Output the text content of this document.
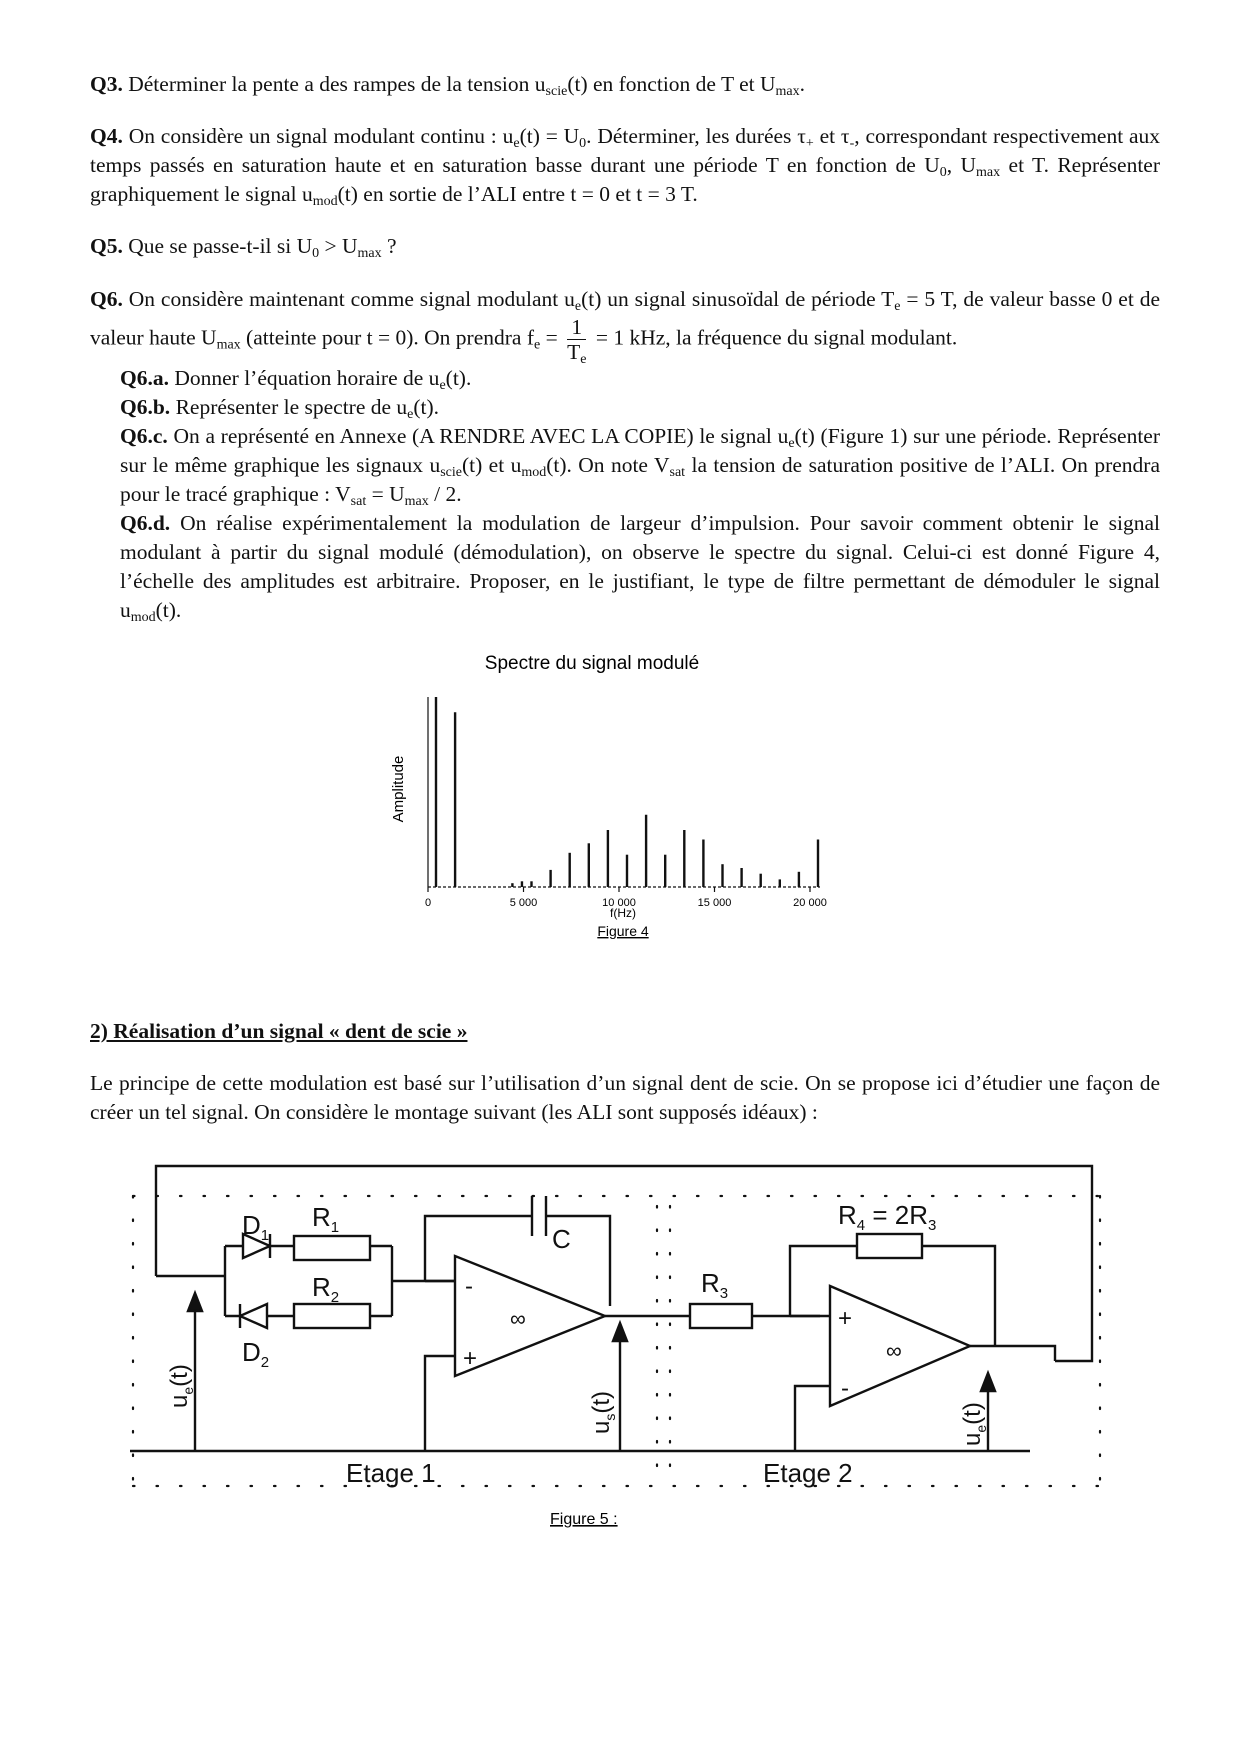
Q3. Déterminer la pente a des rampes de la tension $u_{scie}(t)$ en fonction de T et $U_{max}$.

Q4. On considère un signal modulant continu : $u_e(t) = U_0$. Déterminer, les durées $\tau_+$ et $\tau_-$, correspondant respectivement aux temps passés en saturation haute et en saturation basse durant une période T en fonction de $U_0$, $U_{max}$ et T. Représenter graphiquement le signal $u_{mod}(t)$ en sortie de l’ALI entre t = 0 et t = 3 T.

Q5. Que se passe-t-il si $U_0 > U_{max}$ ?

Q6. On considère maintenant comme signal modulant $u_e(t)$ un signal sinusoïdal de période $T_e = 5$ T, de valeur basse 0 et de valeur haute $U_{max}$ (atteinte pour t = 0). On prendra $f_e = \frac{1}{T_e} = 1$ kHz, la fréquence du signal modulant.

Q6.a. Donner l’équation horaire de $u_e(t)$.

Q6.b. Représenter le spectre de $u_e(t)$.

Q6.c. On a représenté en Annexe (A RENDRE AVEC LA COPIE) le signal $u_e(t)$ (Figure 1) sur une période. Représenter sur le même graphique les signaux $u_{scie}(t)$ et $u_{mod}(t)$. On note $V_{sat}$ la tension de saturation positive de l’ALI. On prendra pour le tracé graphique : $V_{sat} = U_{max} / 2$.

Q6.d. On réalise expérimentalement la modulation de largeur d’impulsion. Pour savoir comment obtenir le signal modulant à partir du signal modulé (démodulation), on observe le spectre du signal. Celui-ci est donné Figure 4, l’échelle des amplitudes est arbitraire. Proposer, en le justifiant, le type de filtre permettant de démoduler le signal $u_{mod}(t)$.

Spectre du signal modulé
Amplitude
0	5 000	10 000	15 000	20 000
f(Hz)
Figure 4

2) Réalisation d’un signal « dent de scie »

Le principe de cette modulation est basé sur l’utilisation d’un signal dent de scie. On se propose ici d’étudier une façon de créer un tel signal. On considère le montage suivant (les ALI sont supposés idéaux) :

$D_1$
$R_1$
$R_2$
$D_2$
C
$R_3$
$R_4 = 2R_3$
-
+
∞	+
-
∞
$u_e(t)$
$u_s(t)$
$u_e(t)$
Etage 1	Etage 2
Figure 5 :
